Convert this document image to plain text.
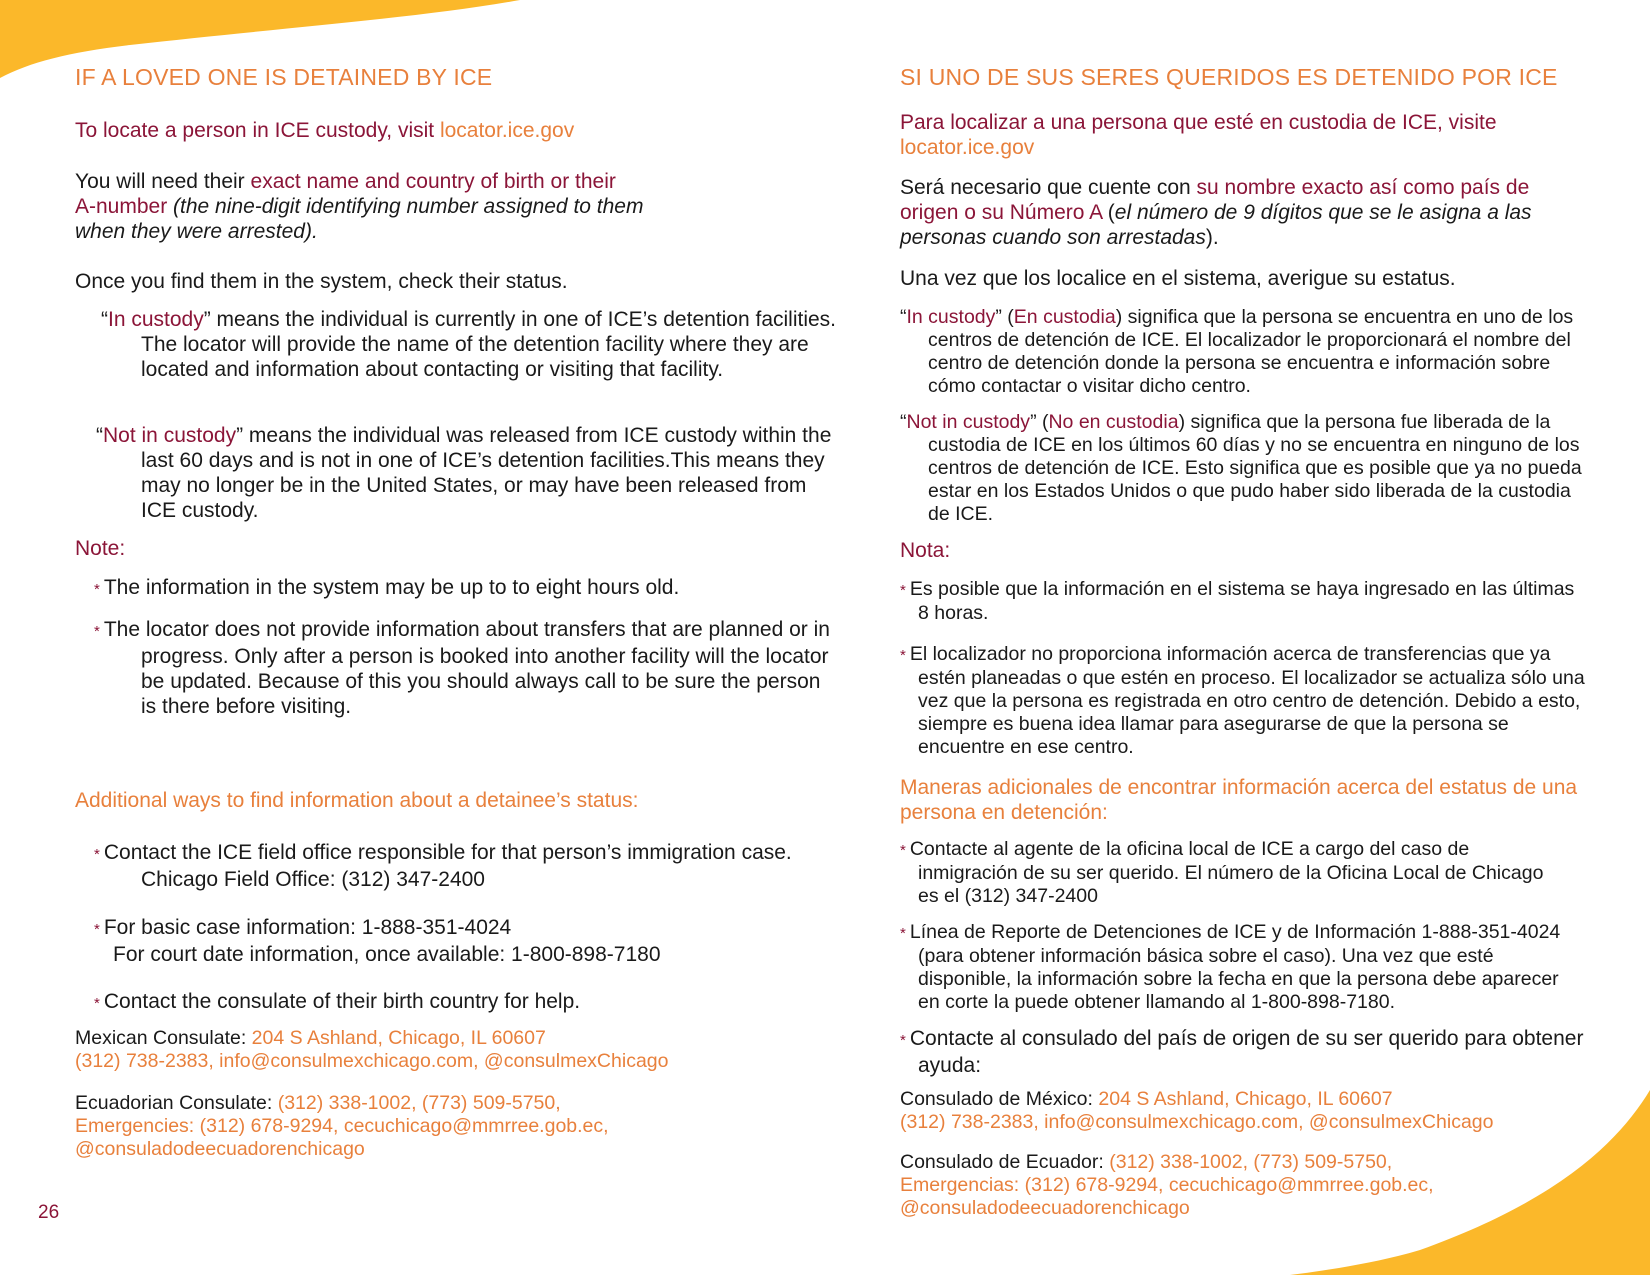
IF A LOVED ONE IS DETAINED BY ICE

To locate a person in ICE custody, visit locator.ice.gov

You will need their exact name and country of birth or their
A-number (the nine-digit identifying number assigned to them
when they were arrested).

Once you find them in the system, check their status.

“In custody” means the individual is currently in one of ICE’s detention facilities. The locator will provide the name of the detention facility where they are located and information about contacting or visiting that facility.

“Not in custody” means the individual was released from ICE custody within the last 60 days and is not in one of ICE’s detention facilities.This means they may no longer be in the United States, or may have been released from ICE custody.

Note:

* The information in the system may be up to to eight hours old.

* The locator does not provide information about transfers that are planned or in progress. Only after a person is booked into another facility will the locator be updated. Because of this you should always call to be sure the person is there before visiting.

Additional ways to find information about a detainee’s status:

* Contact the ICE field office responsible for that person’s immigration case. Chicago Field Office: (312) 347-2400

* For basic case information: 1-888-351-4024
For court date information, once available: 1-800-898-7180

* Contact the consulate of their birth country for help.

Mexican Consulate: 204 S Ashland, Chicago, IL 60607
(312) 738-2383, info@consulmexchicago.com, @consulmexChicago

Ecuadorian Consulate: (312) 338-1002, (773) 509-5750,
Emergencies: (312) 678-9294, cecuchicago@mmrree.gob.ec,
@consuladodeecuadorenchicago

26
SI UNO DE SUS SERES QUERIDOS ES DETENIDO POR ICE

Para localizar a una persona que esté en custodia de ICE, visite
locator.ice.gov

Será necesario que cuente con su nombre exacto así como país de origen o su Número A (el número de 9 dígitos que se le asigna a las personas cuando son arrestadas).

Una vez que los localice en el sistema, averigue su estatus.

“In custody” (En custodia) significa que la persona se encuentra en uno de los centros de detención de ICE. El localizador le proporcionará el nombre del centro de detención donde la persona se encuentra e información sobre cómo contactar o visitar dicho centro.

“Not in custody” (No en custodia) significa que la persona fue liberada de la custodia de ICE en los últimos 60 días y no se encuentra en ninguno de los centros de detención de ICE. Esto significa que es posible que ya no pueda estar en los Estados Unidos o que pudo haber sido liberada de la custodia de ICE.

Nota:

* Es posible que la información en el sistema se haya ingresado en las últimas 8 horas.

* El localizador no proporciona información acerca de transferencias que ya estén planeadas o que estén en proceso. El localizador se actualiza sólo una vez que la persona es registrada en otro centro de detención. Debido a esto, siempre es buena idea llamar para asegurarse de que la persona se encuentre en ese centro.

Maneras adicionales de encontrar información acerca del estatus de una persona en detención:

* Contacte al agente de la oficina local de ICE a cargo del caso de inmigración de su ser querido. El número de la Oficina Local de Chicago es el (312) 347-2400

* Línea de Reporte de Detenciones de ICE y de Información 1-888-351-4024 (para obtener información básica sobre el caso). Una vez que esté disponible, la información sobre la fecha en que la persona debe aparecer en corte la puede obtener llamando al 1-800-898-7180.

* Contacte al consulado del país de origen de su ser querido para obtener ayuda:

Consulado de México: 204 S Ashland, Chicago, IL 60607
(312) 738-2383, info@consulmexchicago.com, @consulmexChicago

Consulado de Ecuador: (312) 338-1002, (773) 509-5750,
Emergencias: (312) 678-9294, cecuchicago@mmrree.gob.ec,
@consuladodeecuadorenchicago
